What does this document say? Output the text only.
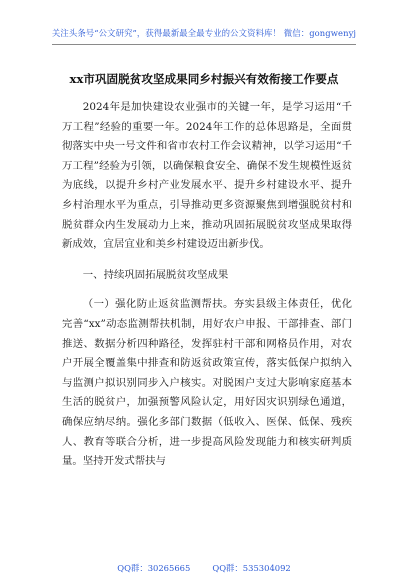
关注头条号“公文研究”，获得最新最全最专业的公文资料库！ 微信：gongwenyj
xx市巩固脱贫攻坚成果同乡村振兴有效衔接工作要点

2024年是加快建设农业强市的关键一年，是学习运用“千万工程”经验的重要一年。2024年工作的总体思路是，全面贯彻落实中央一号文件和省市农村工作会议精神，以学习运用“千万工程”经验为引领，以确保粮食安全、确保不发生规模性返贫为底线，以提升乡村产业发展水平、提升乡村建设水平、提升乡村治理水平为重点，引导推动更多资源聚焦到增强脱贫村和脱贫群众内生发展动力上来，推动巩固拓展脱贫攻坚成果取得新成效，宜居宜业和美乡村建设迈出新步伐。

一、持续巩固拓展脱贫攻坚成果

（一）强化防止返贫监测帮扶。夯实县级主体责任，优化完善“xx”动态监测帮扶机制，用好农户申报、干部排查、部门推送、数据分析四种路径，发挥驻村干部和网格员作用，对农户开展全覆盖集中排查和防返贫政策宣传，落实低保户拟纳入与监测户拟识别同步入户核实。对脱困户支过大影响家庭基本生活的脱贫户，加强预警风险认定，用好因灾识别绿色通道，确保应纳尽纳。强化多部门数据（低收入、医保、低保、残疾人、教育等联合分析，进一步提高风险发现能力和核实研判质量。坚持开发式帮扶与

QQ群：30265665	QQ群：535304092
